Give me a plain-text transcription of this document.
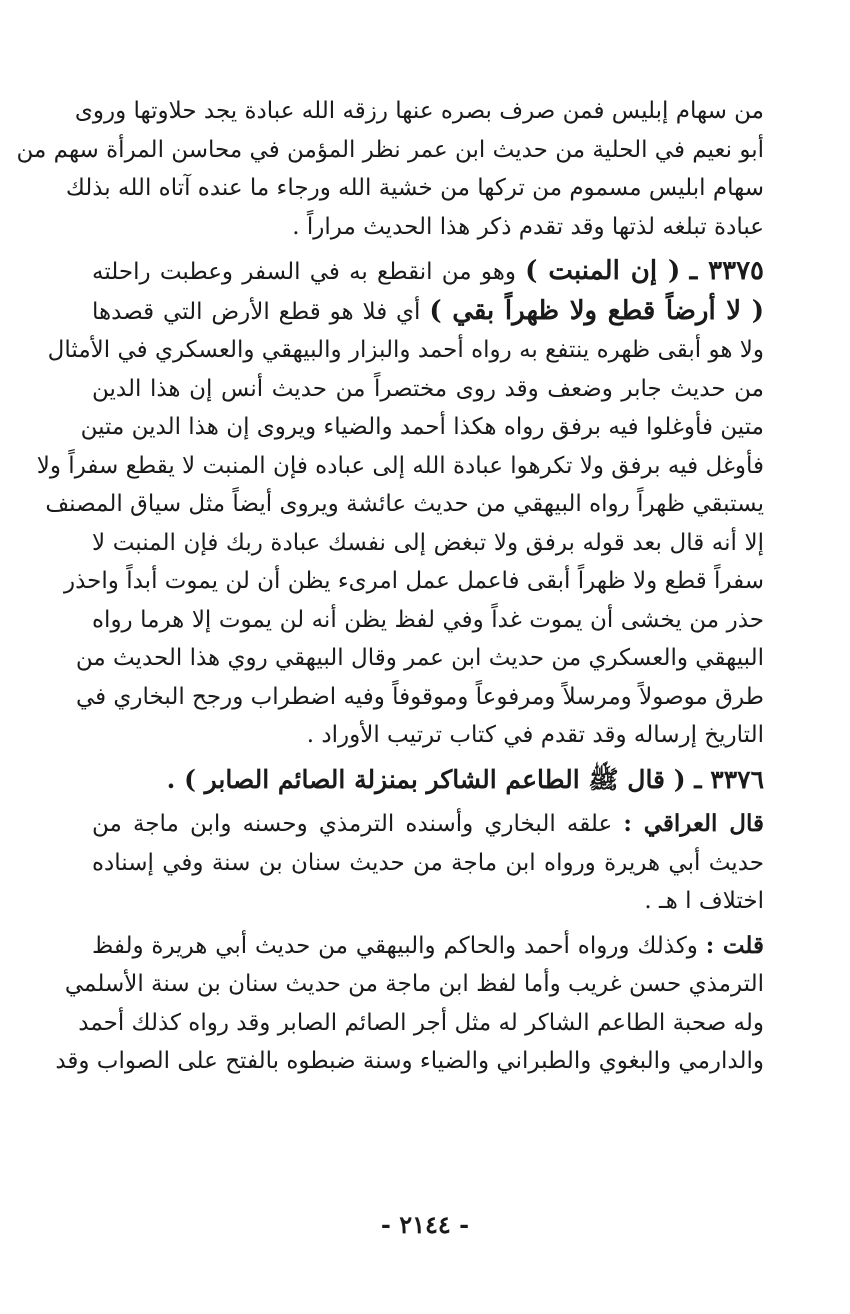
من سهام إبليس فمن صرف بصره عنها رزقه الله عبادة يجد حلاوتها وروى
أبو نعيم في الحلية من حديث ابن عمر نظر المؤمن في محاسن المرأة سهم من
سهام ابليس مسموم من تركها من خشية الله ورجاء ما عنده آتاه الله بذلك
عبادة تبلغه لذتها وقد تقدم ذكر هذا الحديث مراراً .
٣٣٧٥ ـ ( إن المنبت ) وهو من انقطع به في السفر وعطبت راحلته
( لا أرضاً قطع ولا ظهراً بقي ) أي فلا هو قطع الأرض التي قصدها
ولا هو أبقى ظهره ينتفع به رواه أحمد والبزار والبيهقي والعسكري في الأمثال
من حديث جابر وضعف وقد روى مختصراً من حديث أنس إن هذا الدين
متين فأوغلوا فيه برفق رواه هكذا أحمد والضياء ويروى إن هذا الدين متين
فأوغل فيه برفق ولا تكرهوا عبادة الله إلى عباده فإن المنبت لا يقطع سفراً ولا
يستبقي ظهراً رواه البيهقي من حديث عائشة ويروى أيضاً مثل سياق المصنف
إلا أنه قال بعد قوله برفق ولا تبغض إلى نفسك عبادة ربك فإن المنبت لا
سفراً قطع ولا ظهراً أبقى فاعمل عمل امرىء يظن أن لن يموت أبداً واحذر
حذر من يخشى أن يموت غداً وفي لفظ يظن أنه لن يموت إلا هرما رواه
البيهقي والعسكري من حديث ابن عمر وقال البيهقي روي هذا الحديث من
طرق موصولاً ومرسلاً ومرفوعاً وموقوفاً وفيه اضطراب ورجح البخاري في
التاريخ إرساله وقد تقدم في كتاب ترتيب الأوراد .
٣٣٧٦ ـ ( قال ﷺ الطاعم الشاكر بمنزلة الصائم الصابر ) .
قال العراقي : علقه البخاري وأسنده الترمذي وحسنه وابن ماجة من
حديث أبي هريرة ورواه ابن ماجة من حديث سنان بن سنة وفي إسناده
اختلاف ا هـ .
قلت : وكذلك ورواه أحمد والحاكم والبيهقي من حديث أبي هريرة ولفظ
الترمذي حسن غريب وأما لفظ ابن ماجة من حديث سنان بن سنة الأسلمي
وله صحبة الطاعم الشاكر له مثل أجر الصائم الصابر وقد رواه كذلك أحمد
والدارمي والبغوي والطبراني والضياء وسنة ضبطوه بالفتح على الصواب وقد
- ٢١٤٤ -
